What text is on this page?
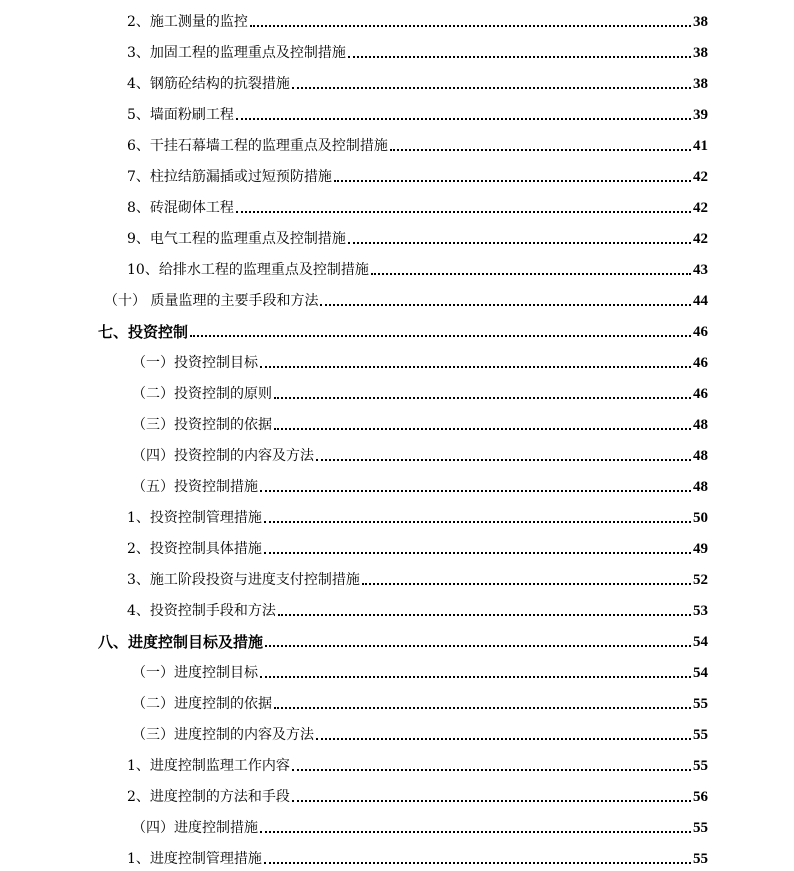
2、施工测量的监控	38
3、加固工程的监理重点及控制措施	38
4、钢筋砼结构的抗裂措施	38
5、墙面粉刷工程	39
6、干挂石幕墙工程的监理重点及控制措施	41
7、柱拉结筋漏插或过短预防措施	42
8、砖混砌体工程	42
9、电气工程的监理重点及控制措施	42
10、给排水工程的监理重点及控制措施	43
（十） 质量监理的主要手段和方法	44
七、投资控制	46
（一）投资控制目标	46
（二）投资控制的原则	46
（三）投资控制的依据	48
（四）投资控制的内容及方法	48
（五）投资控制措施	48
1、投资控制管理措施	50
2、投资控制具体措施	49
3、施工阶段投资与进度支付控制措施	52
4、投资控制手段和方法	53
八、进度控制目标及措施	54
（一）进度控制目标	54
（二）进度控制的依据	55
（三）进度控制的内容及方法	55
1、进度控制监理工作内容	55
2、进度控制的方法和手段	56
（四）进度控制措施	55
1、进度控制管理措施	55
